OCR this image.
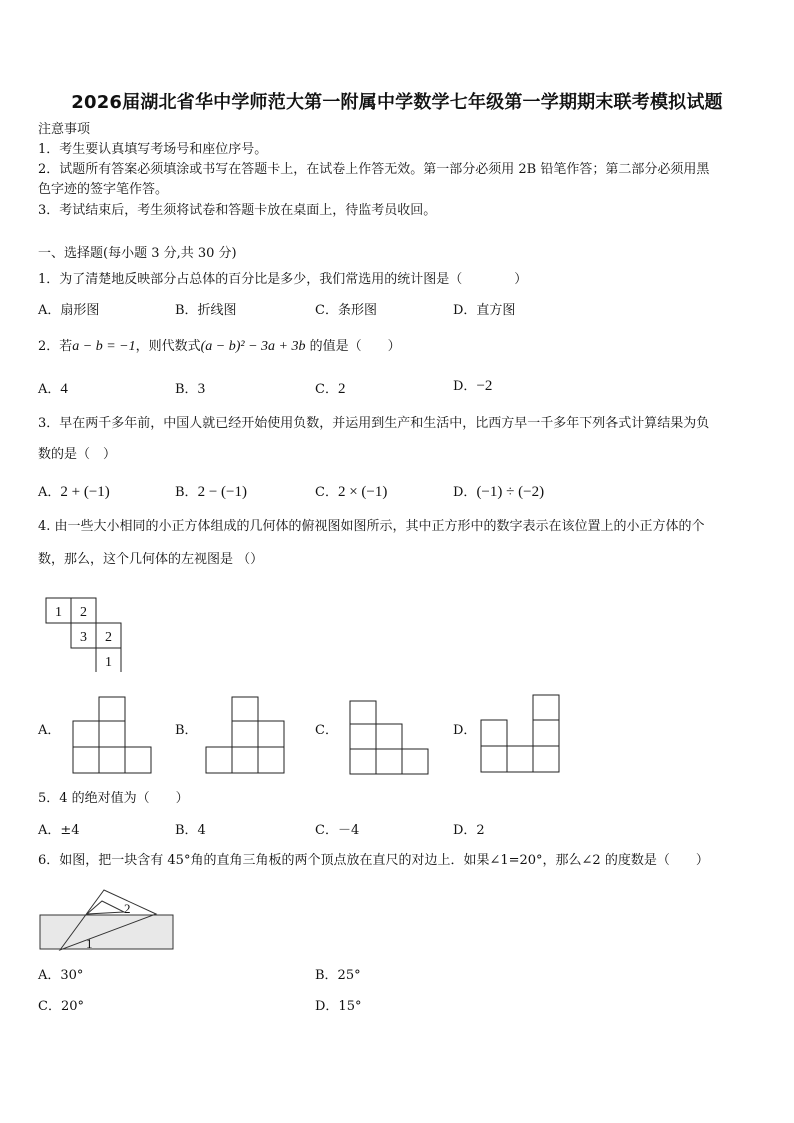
2026届湖北省华中学师范大第一附属中学数学七年级第一学期期末联考模拟试题
注意事项
1．考生要认真填写考场号和座位序号。
2．试题所有答案必须填涂或书写在答题卡上，在试卷上作答无效。第一部分必须用 2B 铅笔作答；第二部分必须用黑
色字迹的签字笔作答。
3．考试结束后，考生须将试卷和答题卡放在桌面上，待监考员收回。
一、选择题(每小题 3 分,共 30 分)
1．为了清楚地反映部分占总体的百分比是多少，我们常选用的统计图是（　　　　）
A．扇形图	B．折线图	C．条形图	D．直方图
2．若a − b = −1，则代数式(a − b)² − 3a + 3b 的值是（　　）
A．4	B．3	C．2	D．−2
3．早在两千多年前，中国人就已经开始使用负数，并运用到生产和生活中，比西方早一千多年下列各式计算结果为负
数的是（　）
A．2 + (−1)	B．2 − (−1)	C．2 × (−1)	D．(−1) ÷ (−2)
4. 由一些大小相同的小正方体组成的几何体的俯视图如图所示，其中正方形中的数字表示在该位置上的小正方体的个
数，那么，这个几何体的左视图是 （）
1 2
3 2
1
A．	B．	C．	D．
5．4 的绝对值为（　　）
A．±4	B．4	C．－4	D．2
6．如图，把一块含有 45°角的直角三角板的两个顶点放在直尺的对边上．如果∠1=20°，那么∠2 的度数是（　　）
2
1
A．30°	B．25°
C．20°	D．15°
